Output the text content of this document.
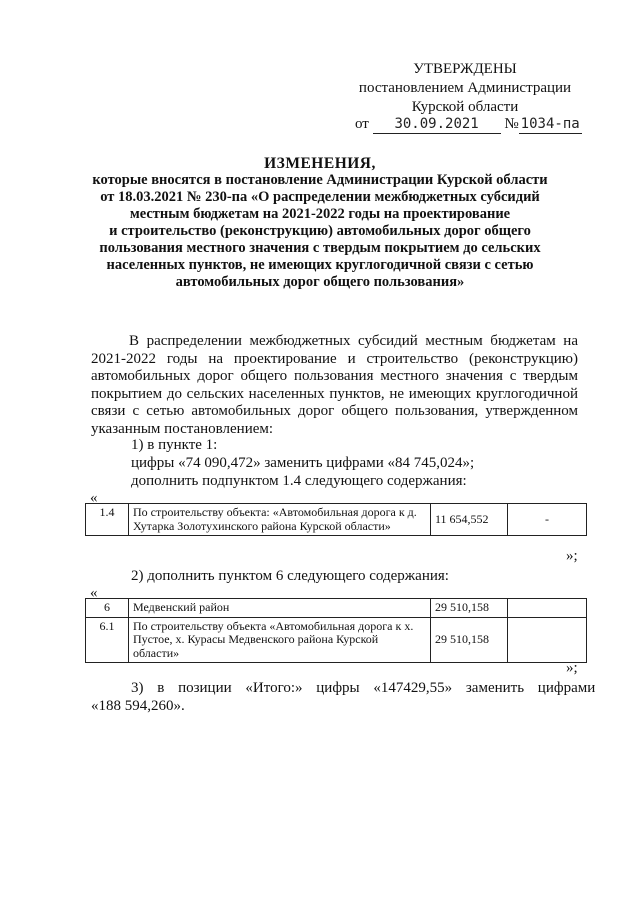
УТВЕРЖДЕНЫ
постановлением Администрации
Курской области
от 30.09.2021 № 1034-па
ИЗМЕНЕНИЯ,
которые вносятся в постановление Администрации Курской области
от 18.03.2021 № 230-па «О распределении межбюджетных субсидий
местным бюджетам на 2021-2022 годы на проектирование
и строительство (реконструкцию) автомобильных дорог общего
пользования местного значения с твердым покрытием до сельских
населенных пунктов, не имеющих круглогодичной связи с сетью
автомобильных дорог общего пользования»
В распределении межбюджетных субсидий местным бюджетам на 2021-2022 годы на проектирование и строительство (реконструкцию) автомобильных дорог общего пользования местного значения с твердым покрытием до сельских населенных пунктов, не имеющих круглогодичной связи с сетью автомобильных дорог общего пользования, утвержденном указанным постановлением:
1) в пункте 1:
цифры «74 090,472» заменить цифрами «84 745,024»;
дополнить подпунктом 1.4 следующего содержания:
«
1.4	По строительству объекта: «Автомобильная дорога к д. Хутарка Золотухинского района Курской области»	11 654,552	-
»;
2) дополнить пунктом 6 следующего содержания:
«
6	Медвенский район	29 510,158	
6.1	По строительству объекта «Автомобильная дорога к х. Пустое, х. Курасы Медвенского района Курской области»	29 510,158	
»;
3) в позиции «Итого:» цифры «147429,55» заменить цифрами
«188 594,260».
